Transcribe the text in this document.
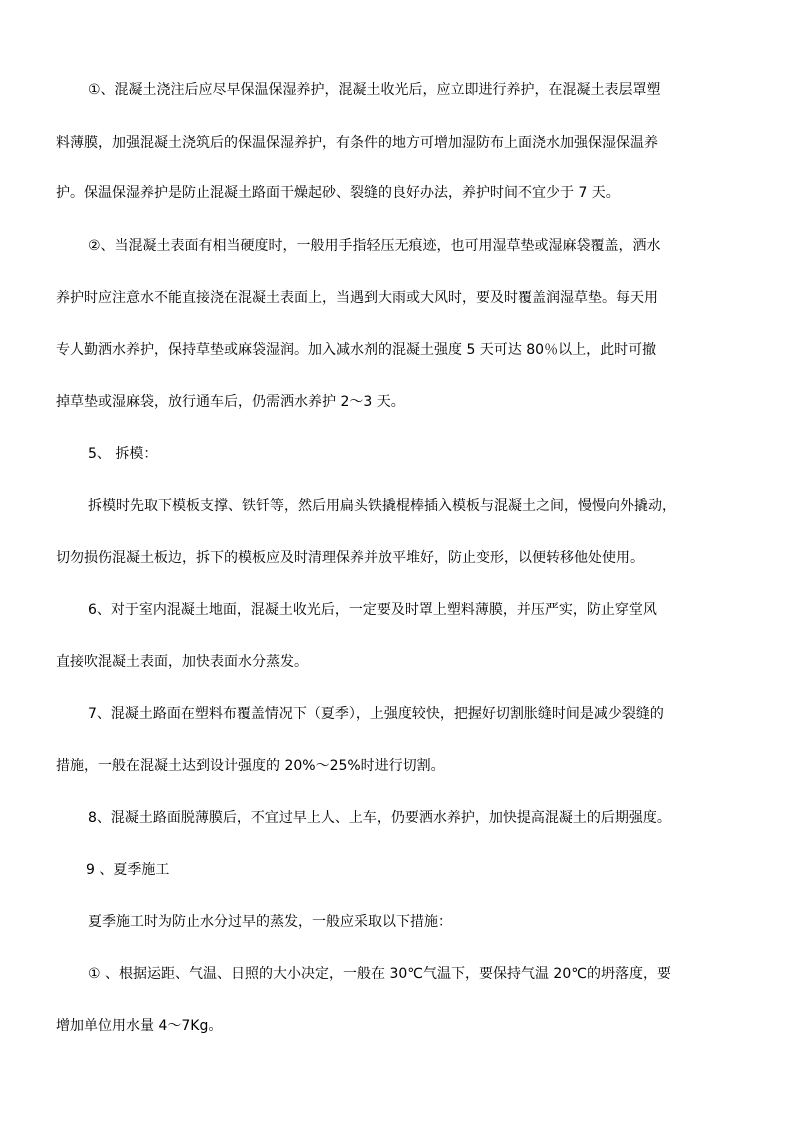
①、混凝土浇注后应尽早保温保湿养护，混凝土收光后，应立即进行养护，在混凝土表层罩塑
料薄膜，加强混凝土浇筑后的保温保湿养护，有条件的地方可增加湿防布上面浇水加强保湿保温养
护。保温保湿养护是防止混凝土路面干燥起砂、裂缝的良好办法，养护时间不宜少于 7 天。
②、当混凝土表面有相当硬度时，一般用手指轻压无痕迹，也可用湿草垫或湿麻袋覆盖，洒水
养护时应注意水不能直接浇在混凝土表面上，当遇到大雨或大风时，要及时覆盖润湿草垫。每天用
专人勤洒水养护，保持草垫或麻袋湿润。加入减水剂的混凝土强度 5 天可达 80％以上，此时可撤
掉草垫或湿麻袋，放行通车后，仍需洒水养护 2～3 天。
5、 拆模：
拆模时先取下模板支撑、铁钎等，然后用扁头铁撬棍棒插入模板与混凝土之间，慢慢向外撬动，
切勿损伤混凝土板边，拆下的模板应及时清理保养并放平堆好，防止变形，以便转移他处使用。
6、对于室内混凝土地面，混凝土收光后，一定要及时罩上塑料薄膜，并压严实，防止穿堂风
直接吹混凝土表面，加快表面水分蒸发。
7、混凝土路面在塑料布覆盖情况下（夏季），上强度较快，把握好切割胀缝时间是减少裂缝的
措施，一般在混凝土达到设计强度的 20%～25%时进行切割。
8、混凝土路面脱薄膜后，不宜过早上人、上车，仍要洒水养护，加快提高混凝土的后期强度。
9 、夏季施工
夏季施工时为防止水分过早的蒸发，一般应采取以下措施：
① 、根据运距、气温、日照的大小决定，一般在 30℃气温下，要保持气温 20℃的坍落度，要
增加单位用水量 4～7Kg。
